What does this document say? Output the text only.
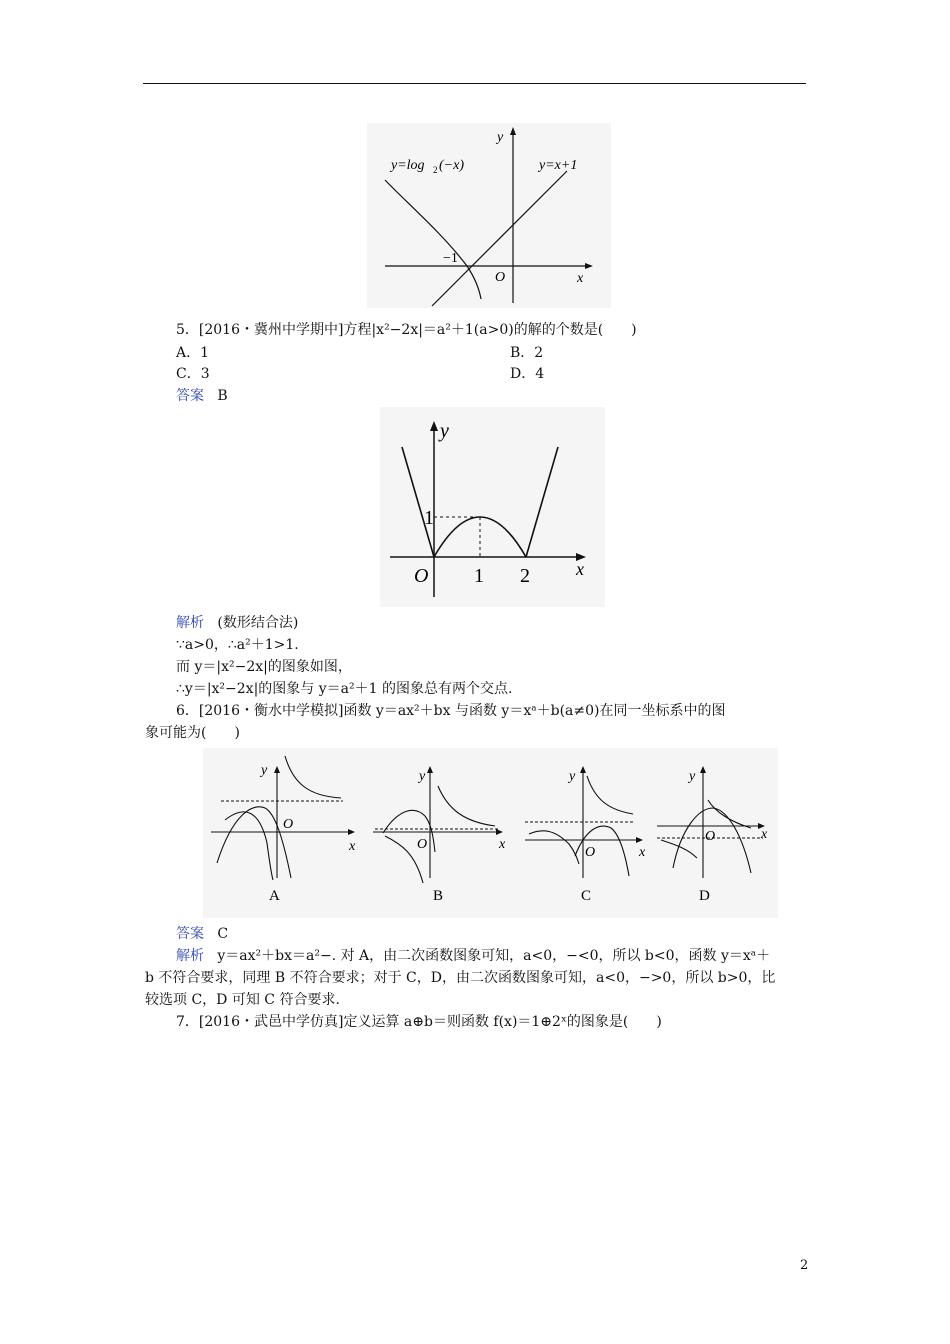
y=log 2 (−x)	y=x+1
y
x
O
−1
5．[2016・冀州中学期中]方程|x²−2x|＝a²＋1(a>0)的解的个数是(　　)
A．1	B．2
C．3	D．4
答案 B
y
x
O
1
1 2
解析 (数形结合法)
∵a>0，∴a²＋1>1.
而 y＝|x²−2x|的图象如图，
∴y＝|x²−2x|的图象与 y＝a²＋1 的图象总有两个交点.
6．[2016・衡水中学模拟]函数 y＝ax²＋bx 与函数 y＝xᵃ＋b(a≠0)在同一坐标系中的图
象可能为(　　)
y
x
O
A
y
x
O
B
y
x
O
C
y
x
O
D
答案 C
解析 y＝ax²＋bx＝a²−. 对 A，由二次函数图象可知，a<0，−<0，所以 b<0，函数 y＝xᵃ＋
b 不符合要求，同理 B 不符合要求；对于 C，D，由二次函数图象可知，a<0，−>0，所以 b>0，比
较选项 C，D 可知 C 符合要求.
7．[2016・武邑中学仿真]定义运算 a⊕b＝则函数 f(x)＝1⊕2ˣ的图象是(　　)
2
